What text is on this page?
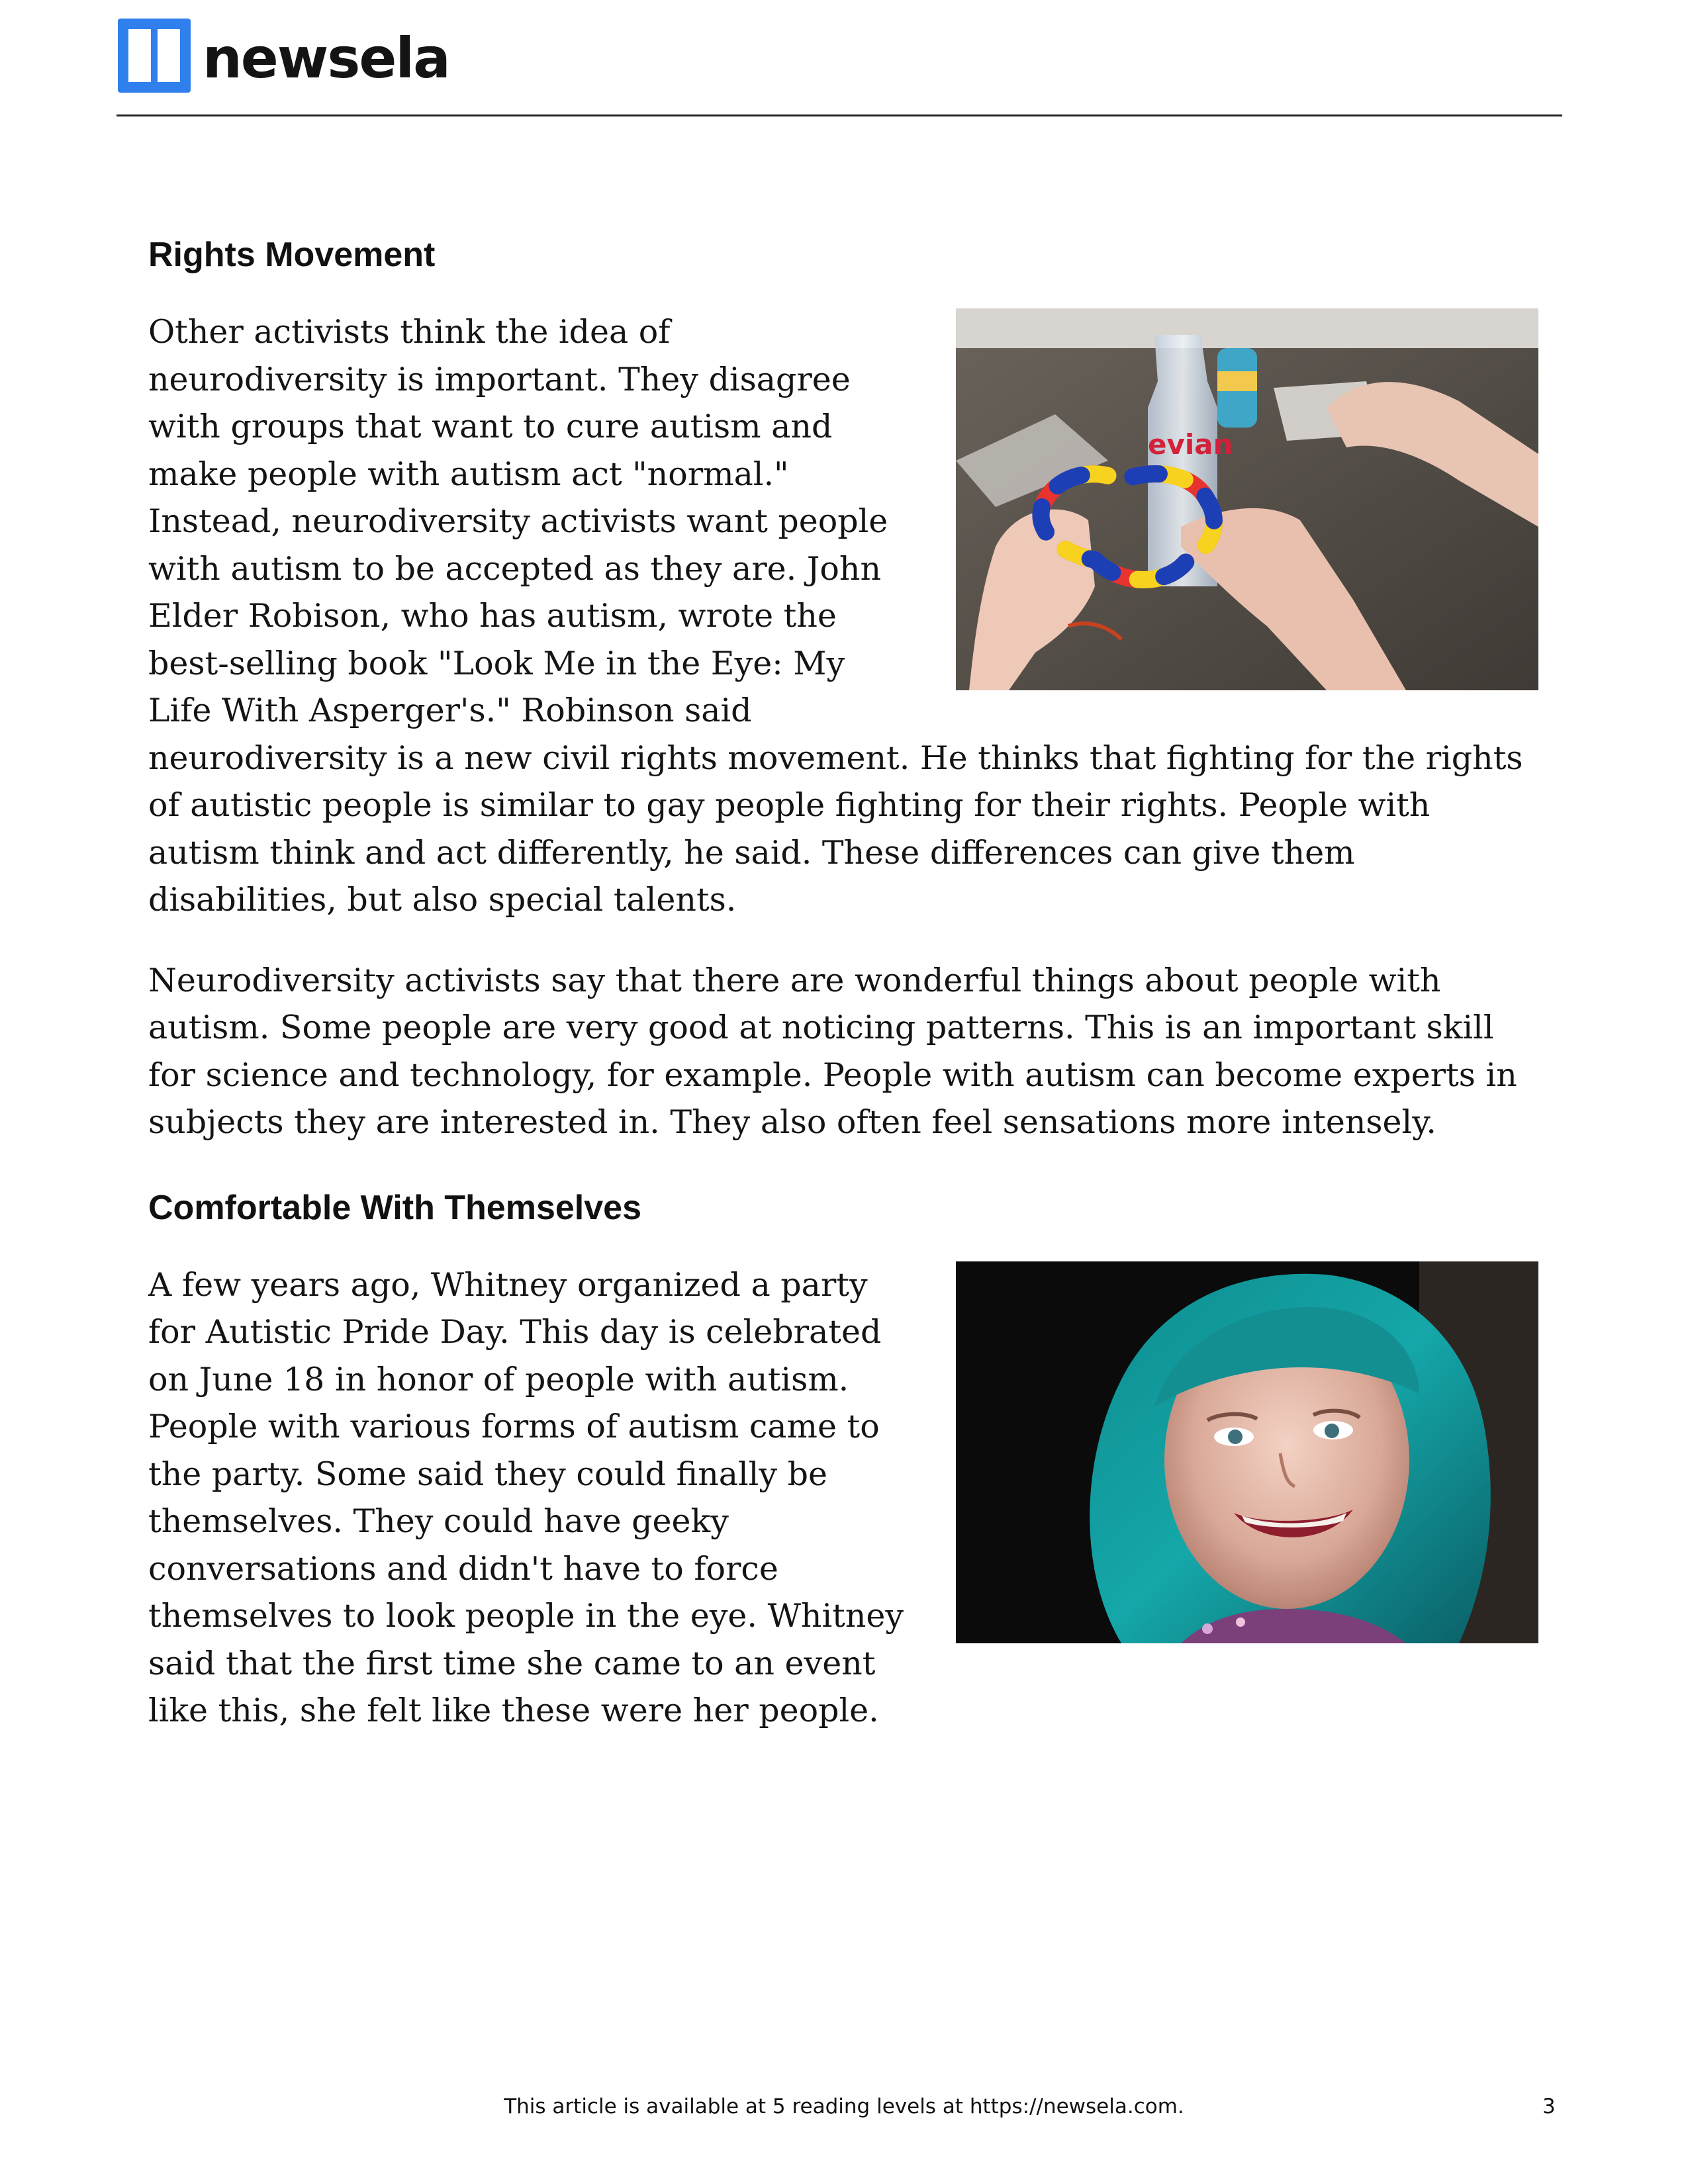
newsela
Rights Movement
evian

Other activists think the idea of neurodiversity is important. They disagree with groups that want to cure autism and make people with autism act "normal." Instead, neurodiversity activists want people with autism to be accepted as they are. John Elder Robison, who has autism, wrote the best-selling book "Look Me in the Eye: My Life With Asperger's." Robinson said neurodiversity is a new civil rights movement. He thinks that fighting for the rights of autistic people is similar to gay people fighting for their rights. People with autism think and act differently, he said. These differences can give them disabilities, but also special talents.

Neurodiversity activists say that there are wonderful things about people with autism. Some people are very good at noticing patterns. This is an important skill for science and technology, for example. People with autism can become experts in subjects they are interested in. They also often feel sensations more intensely.

Comfortable With Themselves

A few years ago, Whitney organized a party for Autistic Pride Day. This day is celebrated on June 18 in honor of people with autism. People with various forms of autism came to the party. Some said they could finally be themselves. They could have geeky conversations and didn't have to force themselves to look people in the eye. Whitney said that the first time she came to an event like this, she felt like these were her people.

This article is available at 5 reading levels at https://newsela.com.	3
